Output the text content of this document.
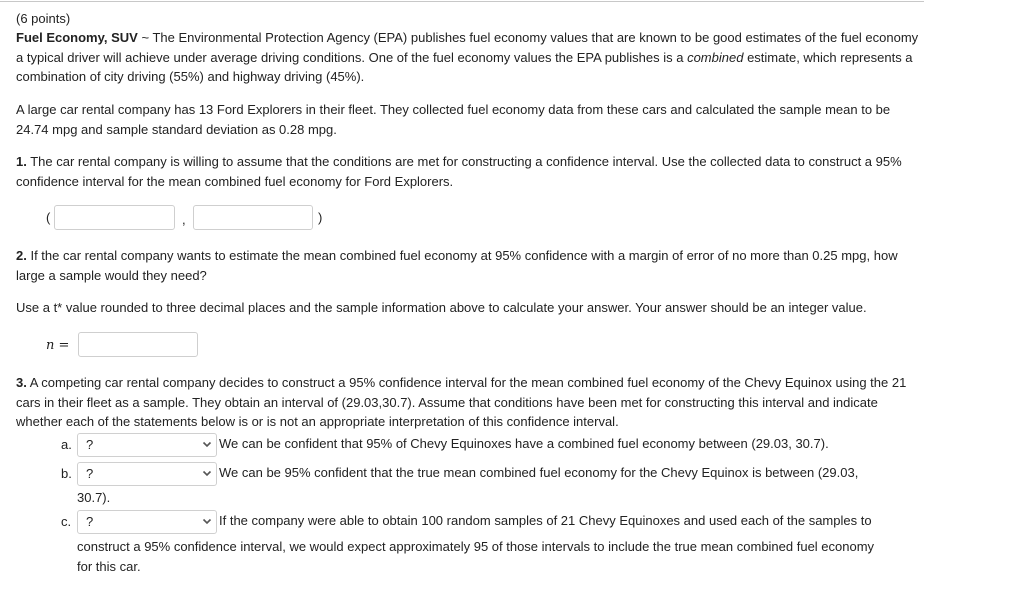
(6 points)

Fuel Economy, SUV ~ The Environmental Protection Agency (EPA) publishes fuel economy values that are known to be good estimates of the fuel economy a typical driver will achieve under average driving conditions. One of the fuel economy values the EPA publishes is a combined estimate, which represents a combination of city driving (55%) and highway driving (45%).

A large car rental company has 13 Ford Explorers in their fleet. They collected fuel economy data from these cars and calculated the sample mean to be 24.74 mpg and sample standard deviation as 0.28 mpg.

1. The car rental company is willing to assume that the conditions are met for constructing a confidence interval. Use the collected data to construct a 95% confidence interval for the mean combined fuel economy for Ford Explorers.

(	,	)

2. If the car rental company wants to estimate the mean combined fuel economy at 95% confidence with a margin of error of no more than 0.25 mpg, how large a sample would they need?

Use a t* value rounded to three decimal places and the sample information above to calculate your answer. Your answer should be an integer value.

n =

3. A competing car rental company decides to construct a 95% confidence interval for the mean combined fuel economy of the Chevy Equinox using the 21 cars in their fleet as a sample. They obtain an interval of (29.03,30.7). Assume that conditions have been met for constructing this interval and indicate whether each of the statements below is or is not an appropriate interpretation of this confidence interval.

a. ?	We can be confident that 95% of Chevy Equinoxes have a combined fuel economy between (29.03, 30.7).
b. ?	We can be 95% confident that the true mean combined fuel economy for the Chevy Equinox is between (29.03,
30.7).
c. ?	If the company were able to obtain 100 random samples of 21 Chevy Equinoxes and used each of the samples to
construct a 95% confidence interval, we would expect approximately 95 of those intervals to include the true mean combined fuel economy for this car.
